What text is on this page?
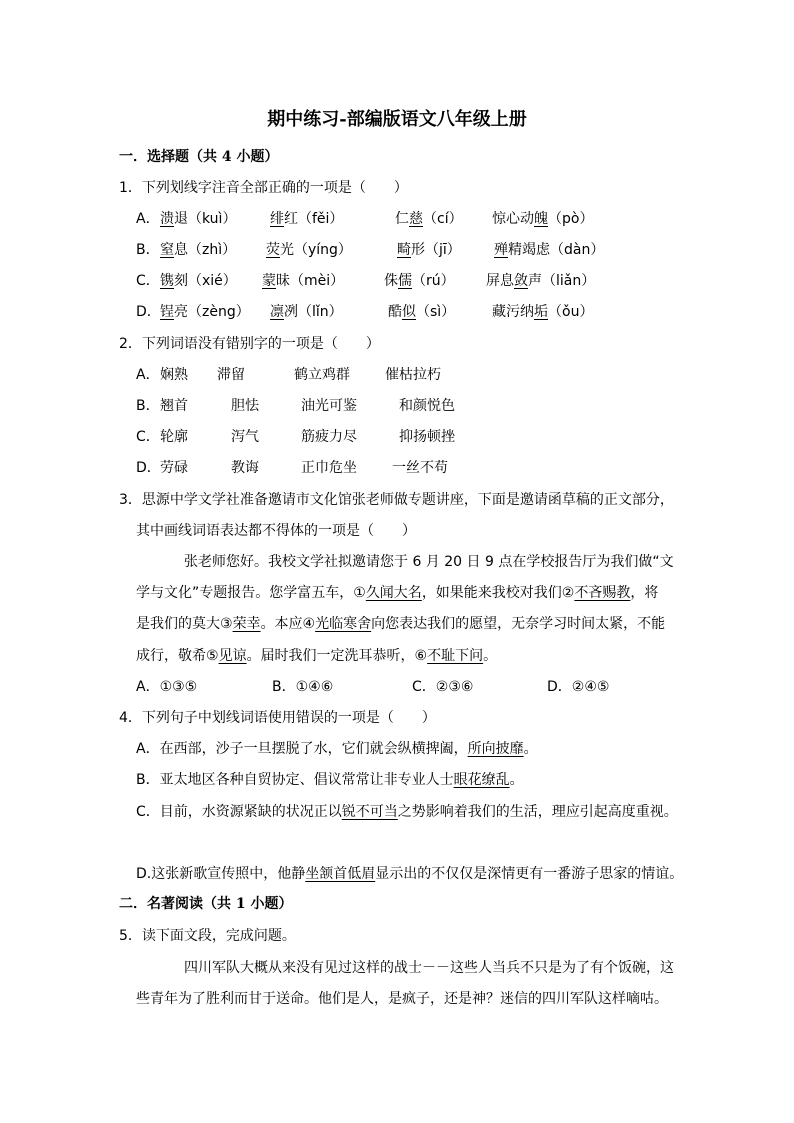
期中练习-部编版语文八年级上册
一．选择题（共 4 小题）
1．下列划线字注音全部正确的一项是（　　）
A． 溃退（kuì） 绯红（fěi）	仁慈（cí） 惊心动魄（pò）
B． 窒息（zhì） 荧光（yíng）	畸形（jī） 殚精竭虑（dàn）
C． 镌刻（xié） 蒙昧（mèi）	侏儒（rú） 屏息敛声（liǎn）
D． 锃亮（zèng） 凛冽（lǐn）	酷似（sì）	藏污纳垢（ǒu）
2．下列词语没有错别字的一项是（　　）
A． 娴熟 滞留	鹤立鸡群	催枯拉朽
B． 翘首	胆怯	油光可鉴	和颜悦色
C． 轮廓	泻气	筋疲力尽	抑扬顿挫
D． 劳碌	教诲	正巾危坐	一丝不苟
3．思源中学文学社准备邀请市文化馆张老师做专题讲座，下面是邀请函草稿的正文部分，
其中画线词语表达都不得体的一项是（　　）
张老师您好。我校文学社拟邀请您于 6 月 20 日 9 点在学校报告厅为我们做“文
学与文化”专题报告。您学富五车，①久闻大名，如果能来我校对我们②不吝赐教，将
是我们的莫大③荣幸。本应④光临寒舍向您表达我们的愿望，无奈学习时间太紧，不能
成行，敬希⑤见谅。届时我们一定洗耳恭听，⑥不耻下问。
A．①③⑤	B．①④⑥	C．②③⑥	D．②④⑤
4．下列句子中划线词语使用错误的一项是（　　）
A．在西部，沙子一旦摆脱了水，它们就会纵横捭阖，所向披靡。
B．亚太地区各种自贸协定、倡议常常让非专业人士眼花缭乱。
C．目前，水资源紧缺的状况正以锐不可当之势影响着我们的生活，理应引起高度重视。
D.这张新歌宣传照中，他静坐颔首低眉显示出的不仅仅是深情更有一番游子思家的情谊。
二．名著阅读（共 1 小题）
5．读下面文段，完成问题。
四川军队大概从来没有见过这样的战士－－这些人当兵不只是为了有个饭碗，这
些青年为了胜利而甘于送命。他们是人，是疯子，还是神？迷信的四川军队这样嘀咕。
